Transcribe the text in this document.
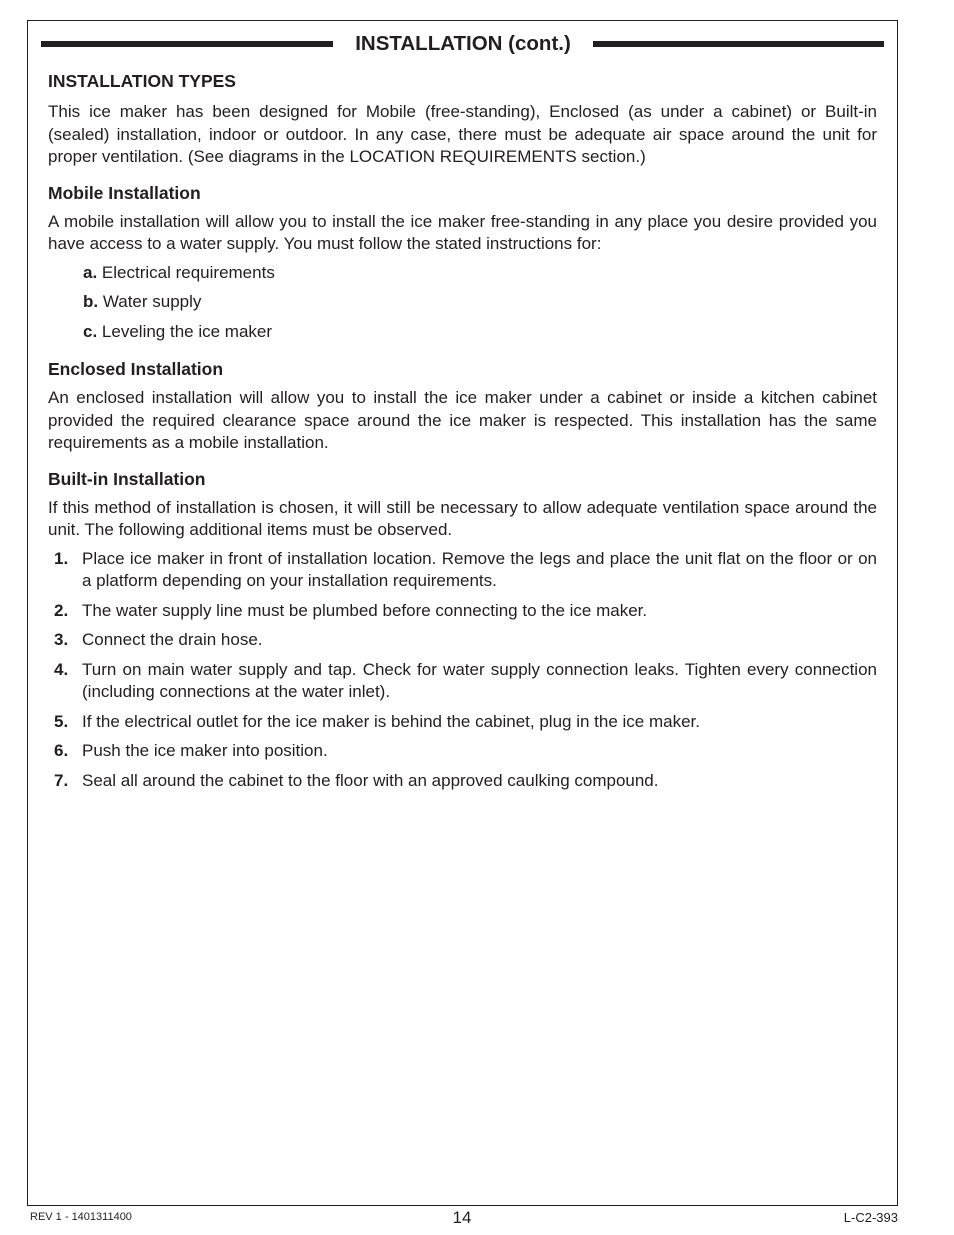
INSTALLATION (cont.)
INSTALLATION TYPES

This ice maker has been designed for Mobile (free-standing), Enclosed (as under a cabinet) or Built-in (sealed) installation, indoor or outdoor. In any case, there must be adequate air space around the unit for proper ventilation. (See diagrams in the LOCATION REQUIREMENTS section.)

Mobile Installation

A mobile installation will allow you to install the ice maker free-standing in any place you desire provided you have access to a water supply. You must follow the stated instructions for:

a. Electrical requirements
b. Water supply
c. Leveling the ice maker
Enclosed Installation

An enclosed installation will allow you to install the ice maker under a cabinet or inside a kitchen cabinet provided the required clearance space around the ice maker is respected. This installation has the same requirements as a mobile installation.

Built-in Installation

If this method of installation is chosen, it will still be necessary to allow adequate ventilation space around the unit. The following additional items must be observed.

1. Place ice maker in front of installation location. Remove the legs and place the unit flat on the floor or on a platform depending on your installation requirements.
2. The water supply line must be plumbed before connecting to the ice maker.
3. Connect the drain hose.
4. Turn on main water supply and tap. Check for water supply connection leaks. Tighten every connection (including connections at the water inlet).
5. If the electrical outlet for the ice maker is behind the cabinet, plug in the ice maker.
6. Push the ice maker into position.
7. Seal all around the cabinet to the floor with an approved caulking compound.
REV 1 - 1401311400	14	L-C2-393
